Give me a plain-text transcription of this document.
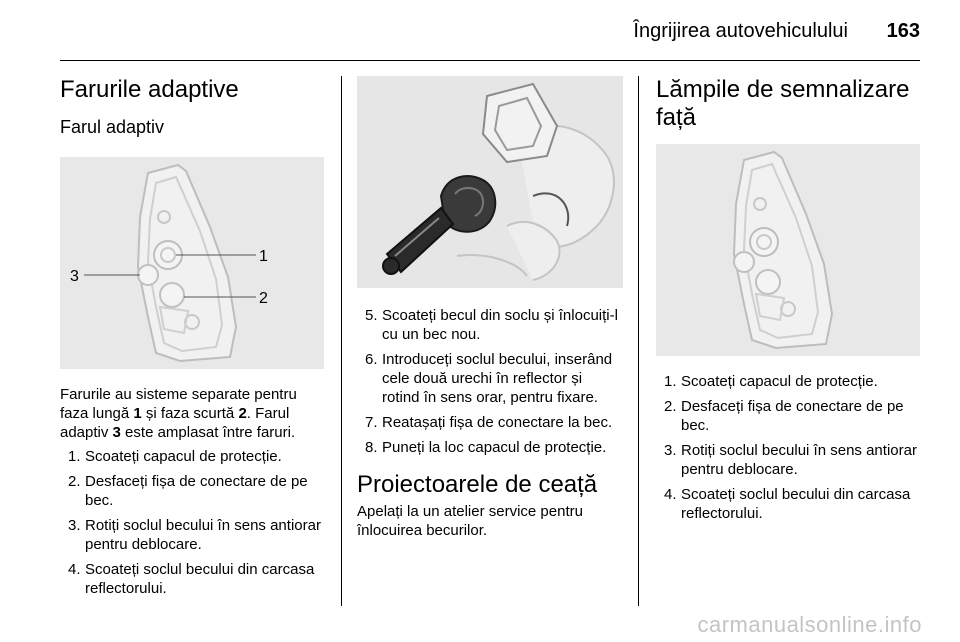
Îngrijirea autovehiculului 163
Farurile adaptive
Farul adaptiv
1
2
3

Farurile au sisteme separate pentru faza lungă 1 și faza scurtă 2. Farul adaptiv 3 este amplasat între faruri.

1. Scoateți capacul de protecție.
2. Desfaceți fișa de conectare de pe bec.
3. Rotiți soclul becului în sens antiorar pentru deblocare.
4. Scoateți soclul becului din carcasa reflectorului.
5. Scoateți becul din soclu și înlocuiți-l cu un bec nou.
6. Introduceți soclul becului, inserând cele două urechi în reflector și rotind în sens orar, pentru fixare.
7. Reatașați fișa de conectare la bec.
8. Puneți la loc capacul de protecție.
Proiectoarele de ceață

Apelați la un atelier service pentru înlocuirea becurilor.

Lămpile de semnalizare față
1. Scoateți capacul de protecție.
2. Desfaceți fișa de conectare de pe bec.
3. Rotiți soclul becului în sens antiorar pentru deblocare.
4. Scoateți soclul becului din carcasa reflectorului.
carmanualsonline.info
